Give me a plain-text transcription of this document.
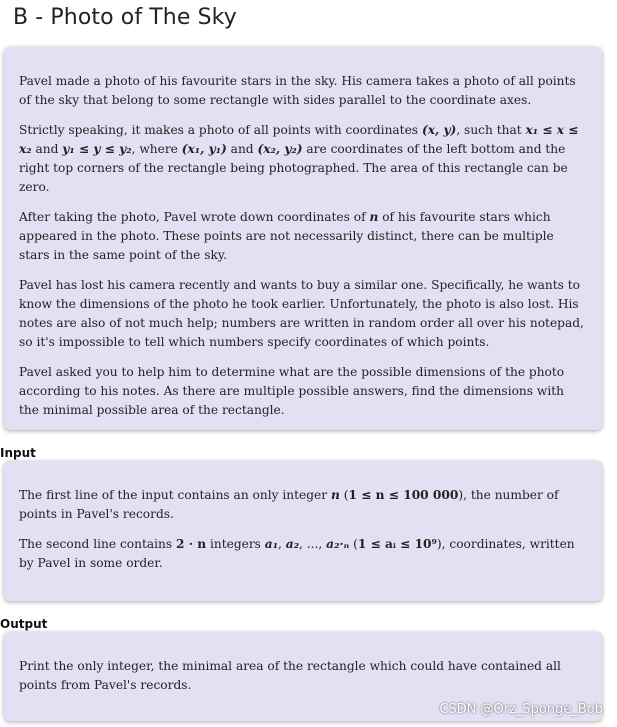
B - Photo of The Sky

Pavel made a photo of his favourite stars in the sky. His camera takes a photo of all points of the sky that belong to some rectangle with sides parallel to the coordinate axes.

Strictly speaking, it makes a photo of all points with coordinates (x, y), such that x₁ ≤ x ≤ x₂ and y₁ ≤ y ≤ y₂, where (x₁, y₁) and (x₂, y₂) are coordinates of the left bottom and the right top corners of the rectangle being photographed. The area of this rectangle can be zero.

After taking the photo, Pavel wrote down coordinates of n of his favourite stars which appeared in the photo. These points are not necessarily distinct, there can be multiple stars in the same point of the sky.

Pavel has lost his camera recently and wants to buy a similar one. Specifically, he wants to know the dimensions of the photo he took earlier. Unfortunately, the photo is also lost. His notes are also of not much help; numbers are written in random order all over his notepad, so it's impossible to tell which numbers specify coordinates of which points.

Pavel asked you to help him to determine what are the possible dimensions of the photo according to his notes. As there are multiple possible answers, find the dimensions with the minimal possible area of the rectangle.

Input

The first line of the input contains an only integer n (1 ≤ n ≤ 100 000), the number of points in Pavel's records.

The second line contains 2 · n integers a₁, a₂, ..., a₂·ₙ (1 ≤ aᵢ ≤ 10⁹), coordinates, written by Pavel in some order.

Output

Print the only integer, the minimal area of the rectangle which could have contained all points from Pavel's records.

CSDN @Orz_Sponge_Bob
